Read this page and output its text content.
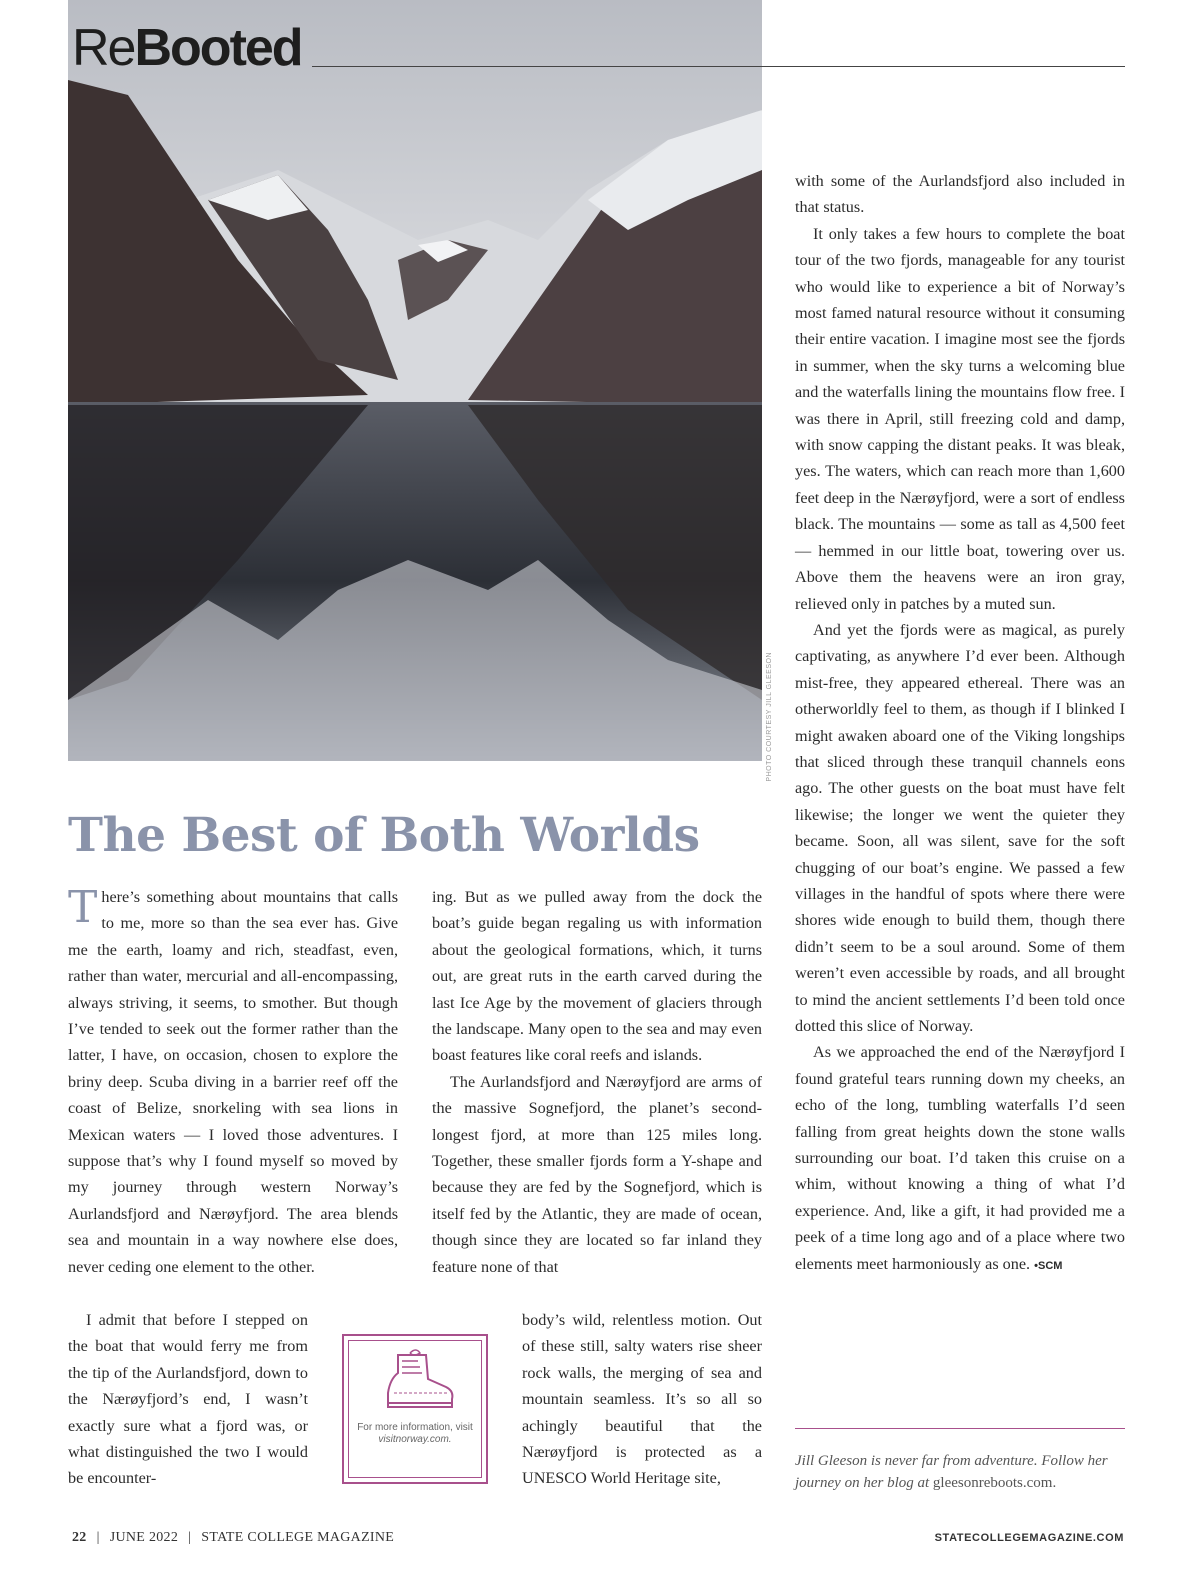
PHOTO COURTESY JILL GLEESON
ReBooted
The Best of Both Worlds

There’s something about mountains that calls to me, more so than the sea ever has. Give me the earth, loamy and rich, steadfast, even, rather than water, mercurial and all-encompassing, always striving, it seems, to smother. But though I’ve tended to seek out the former rather than the latter, I have, on occasion, chosen to explore the briny deep. Scuba diving in a barrier reef off the coast of Belize, snorkeling with sea lions in Mexican waters — I loved those adventures. I suppose that’s why I found myself so moved by my journey through western Norway’s Aurlandsfjord and Nærøyfjord. The area blends sea and mountain in a way nowhere else does, never ceding one element to the other.

I admit that before I stepped on the boat that would ferry me from the tip of the Aurlandsfjord, down to the Nærøyfjord’s end, I wasn’t exactly sure what a fjord was, or what distinguished the two I would be encounter-

ing. But as we pulled away from the dock the boat’s guide began regaling us with information about the geological formations, which, it turns out, are great ruts in the earth carved during the last Ice Age by the movement of glaciers through the landscape. Many open to the sea and may even boast features like coral reefs and islands.

The Aurlandsfjord and Nærøyfjord are arms of the massive Sognefjord, the planet’s second-longest fjord, at more than 125 miles long. Together, these smaller fjords form a Y-shape and because they are fed by the Sognefjord, which is itself fed by the Atlantic, they are made of ocean, though since they are located so far inland they feature none of that

body’s wild, relentless motion. Out of these still, salty waters rise sheer rock walls, the merging of sea and mountain seamless. It’s so all so achingly beautiful that the Nærøyfjord is protected as a UNESCO World Heritage site,

For more information, visit
visitnorway.com.

with some of the Aurlandsfjord also included in that status.

It only takes a few hours to complete the boat tour of the two fjords, manageable for any tourist who would like to experience a bit of Norway’s most famed natural resource without it consuming their entire vacation. I imagine most see the fjords in summer, when the sky turns a welcoming blue and the waterfalls lining the mountains flow free. I was there in April, still freezing cold and damp, with snow capping the distant peaks. It was bleak, yes. The waters, which can reach more than 1,600 feet deep in the Nærøyfjord, were a sort of endless black. The mountains — some as tall as 4,500 feet — hemmed in our little boat, towering over us. Above them the heavens were an iron gray, relieved only in patches by a muted sun.

And yet the fjords were as magical, as purely captivating, as anywhere I’d ever been. Although mist-free, they appeared ethereal. There was an otherworldly feel to them, as though if I blinked I might awaken aboard one of the Viking longships that sliced through these tranquil channels eons ago. The other guests on the boat must have felt likewise; the longer we went the quieter they became. Soon, all was silent, save for the soft chugging of our boat’s engine. We passed a few villages in the handful of spots where there were shores wide enough to build them, though there didn’t seem to be a soul around. Some of them weren’t even accessible by roads, and all brought to mind the ancient settlements I’d been told once dotted this slice of Norway.

As we approached the end of the Nærøyfjord I found grateful tears running down my cheeks, an echo of the long, tumbling waterfalls I’d seen falling from great heights down the stone walls surrounding our boat. I’d taken this cruise on a whim, without knowing a thing of what I’d experience. And, like a gift, it had provided me a peek of a time long ago and of a place where two elements meet harmoniously as one. •SCM

Jill Gleeson is never far from adventure. Follow her journey on her blog at gleesonreboots.com.
22 | JUNE 2022 | STATE COLLEGE MAGAZINE	STATECOLLEGEMAGAZINE.COM
